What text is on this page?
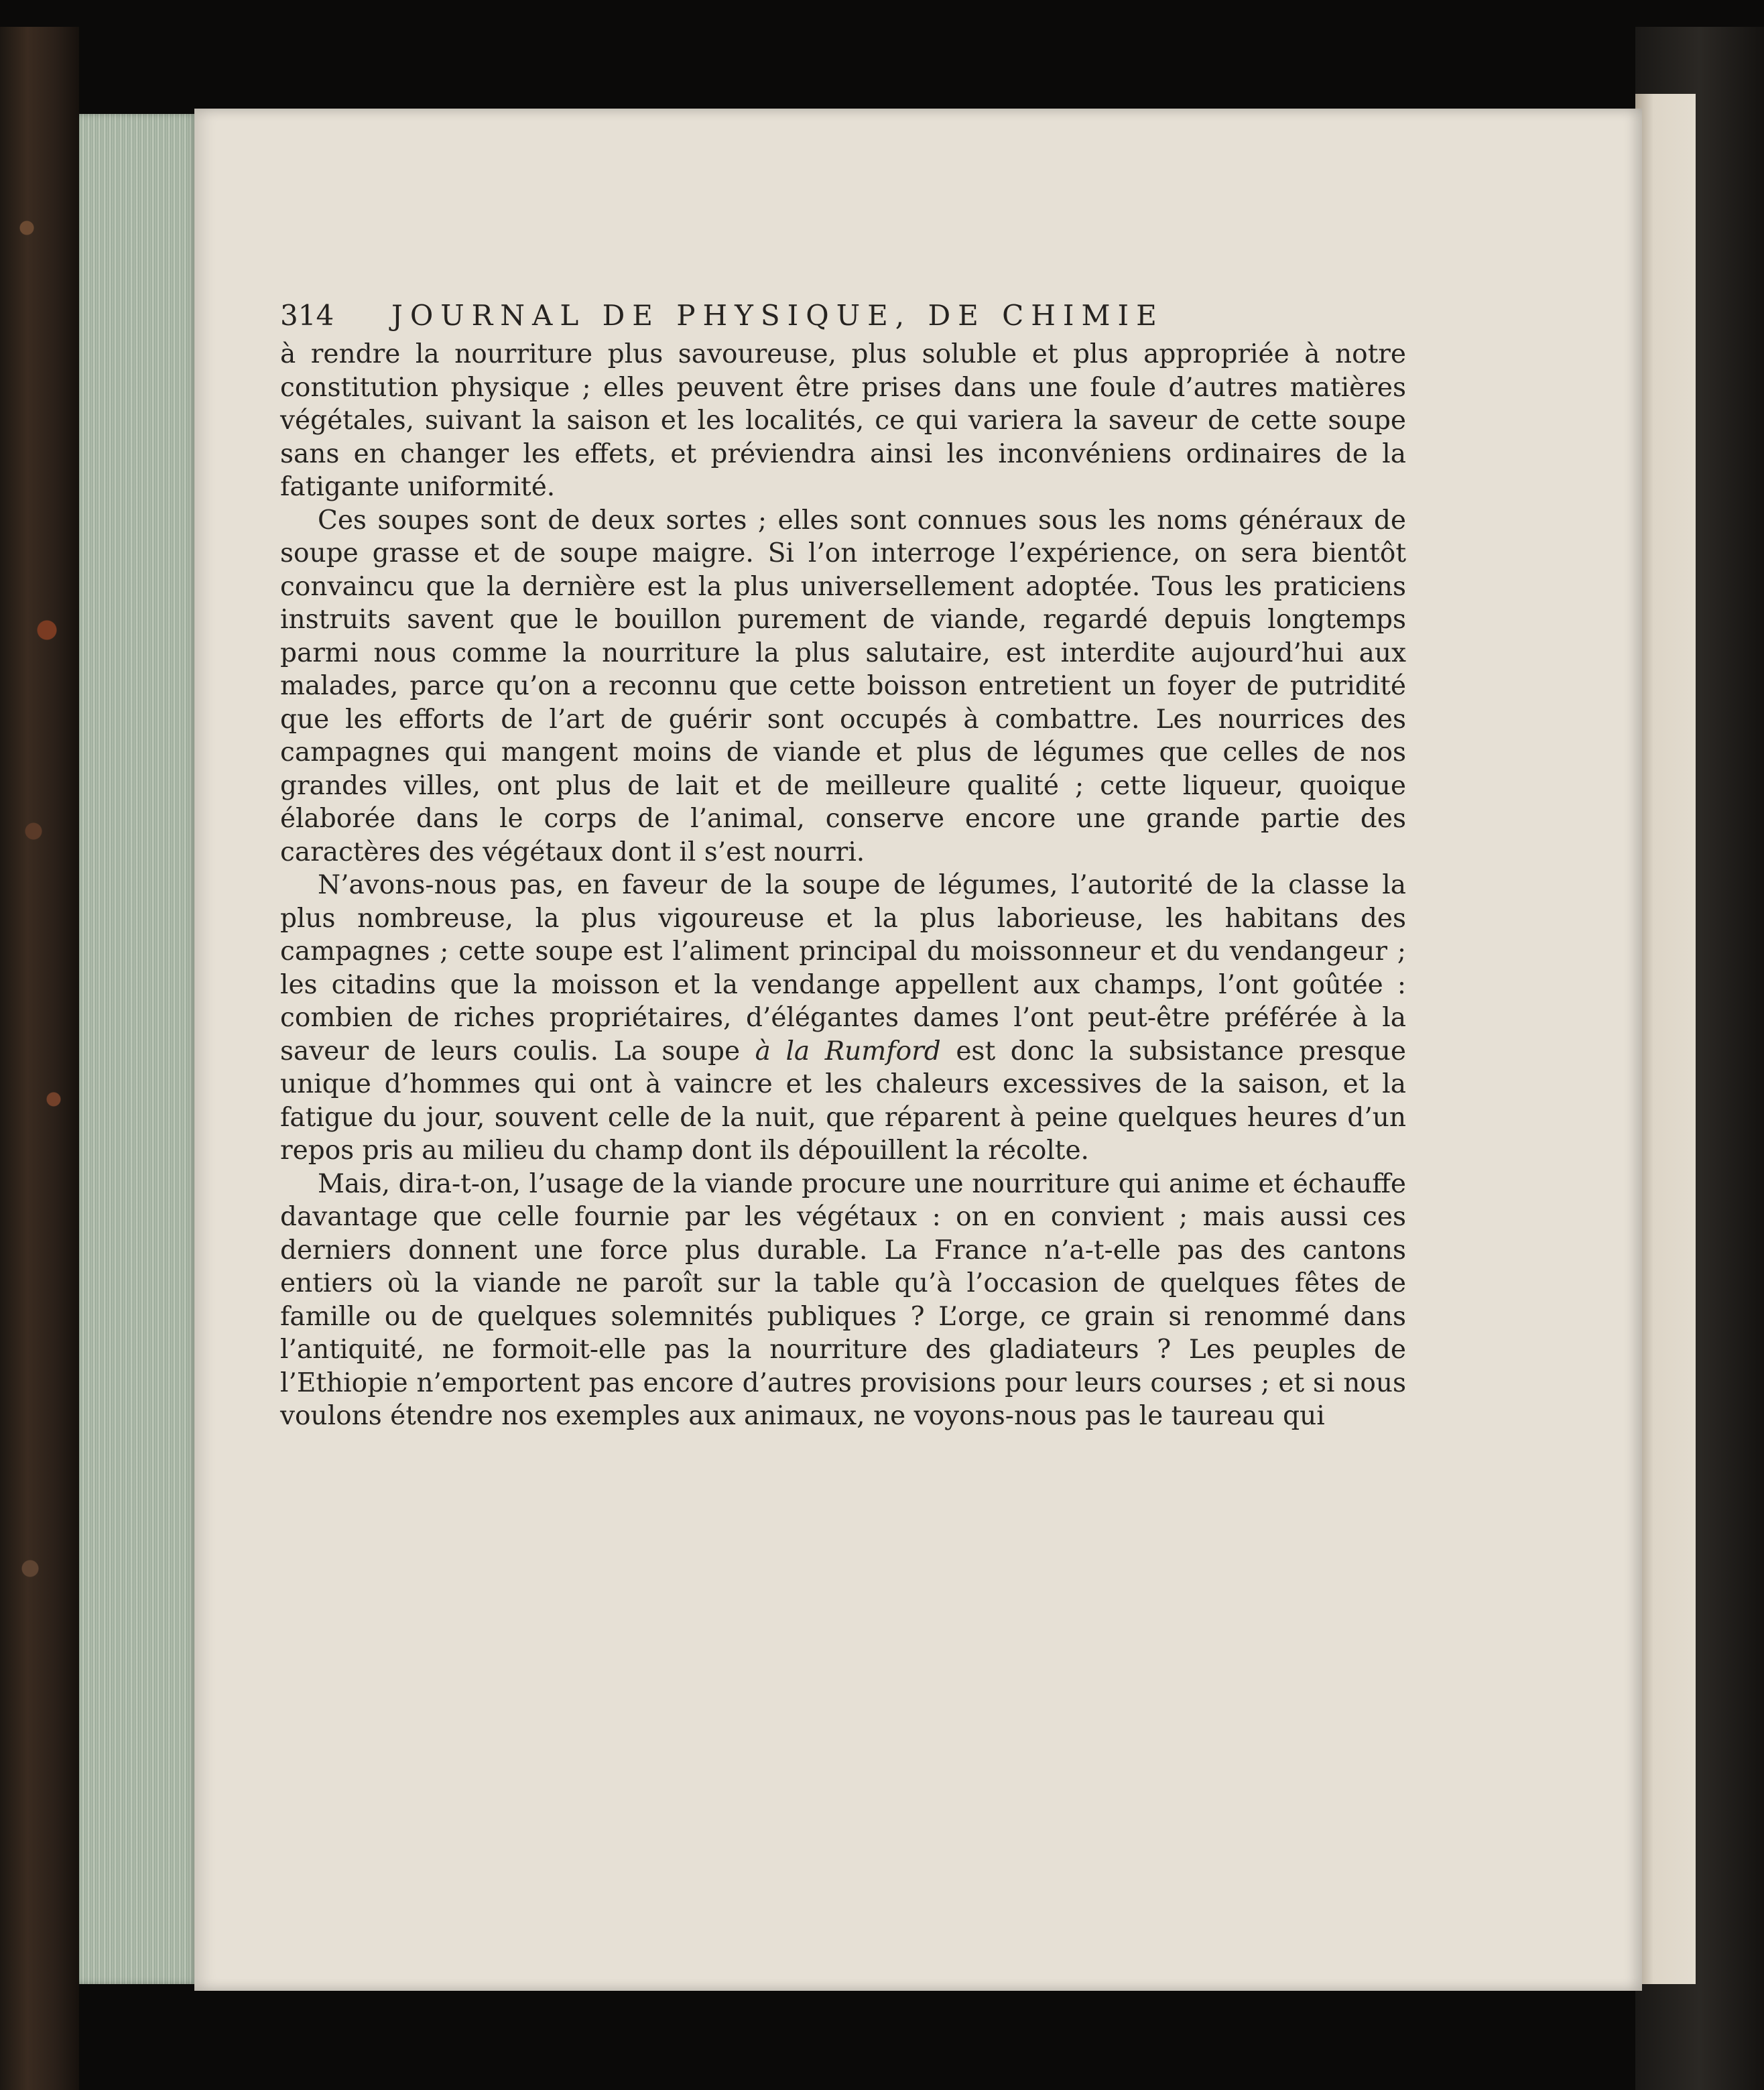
314 JOURNAL DE PHYSIQUE, DE CHIMIE

à rendre la nourriture plus savoureuse, plus soluble et plus appropriée à notre constitution physique ; elles peuvent être prises dans une foule d’autres matières végétales, suivant la saison et les localités, ce qui variera la saveur de cette soupe sans en changer les effets, et préviendra ainsi les inconvéniens ordinaires de la fatigante uniformité.

Ces soupes sont de deux sortes ; elles sont connues sous les noms généraux de soupe grasse et de soupe maigre. Si l’on interroge l’expérience, on sera bientôt convaincu que la dernière est la plus universellement adoptée. Tous les praticiens instruits savent que le bouillon purement de viande, regardé depuis longtemps parmi nous comme la nourriture la plus salutaire, est interdite aujourd’hui aux malades, parce qu’on a reconnu que cette boisson entretient un foyer de putridité que les efforts de l’art de guérir sont occupés à combattre. Les nourrices des campagnes qui mangent moins de viande et plus de légumes que celles de nos grandes villes, ont plus de lait et de meilleure qualité ; cette liqueur, quoique élaborée dans le corps de l’animal, conserve encore une grande partie des caractères des végétaux dont il s’est nourri.

N’avons-nous pas, en faveur de la soupe de légumes, l’autorité de la classe la plus nombreuse, la plus vigoureuse et la plus laborieuse, les habitans des campagnes ; cette soupe est l’aliment principal du moissonneur et du vendangeur ; les citadins que la moisson et la vendange appellent aux champs, l’ont goûtée : combien de riches propriétaires, d’élégantes dames l’ont peut-être préférée à la saveur de leurs coulis. La soupe à la Rumford est donc la subsistance presque unique d’hommes qui ont à vaincre et les chaleurs excessives de la saison, et la fatigue du jour, souvent celle de la nuit, que réparent à peine quelques heures d’un repos pris au milieu du champ dont ils dépouillent la récolte.

Mais, dira-t-on, l’usage de la viande procure une nourriture qui anime et échauffe davantage que celle fournie par les végétaux : on en convient ; mais aussi ces derniers donnent une force plus durable. La France n’a-t-elle pas des cantons entiers où la viande ne paroît sur la table qu’à l’occasion de quelques fêtes de famille ou de quelques solemnités publiques ? L’orge, ce grain si renommé dans l’antiquité, ne formoit-elle pas la nourriture des gladiateurs ? Les peuples de l’Ethiopie n’emportent pas encore d’autres provisions pour leurs courses ; et si nous voulons étendre nos exemples aux animaux, ne voyons-nous pas le taureau qui
